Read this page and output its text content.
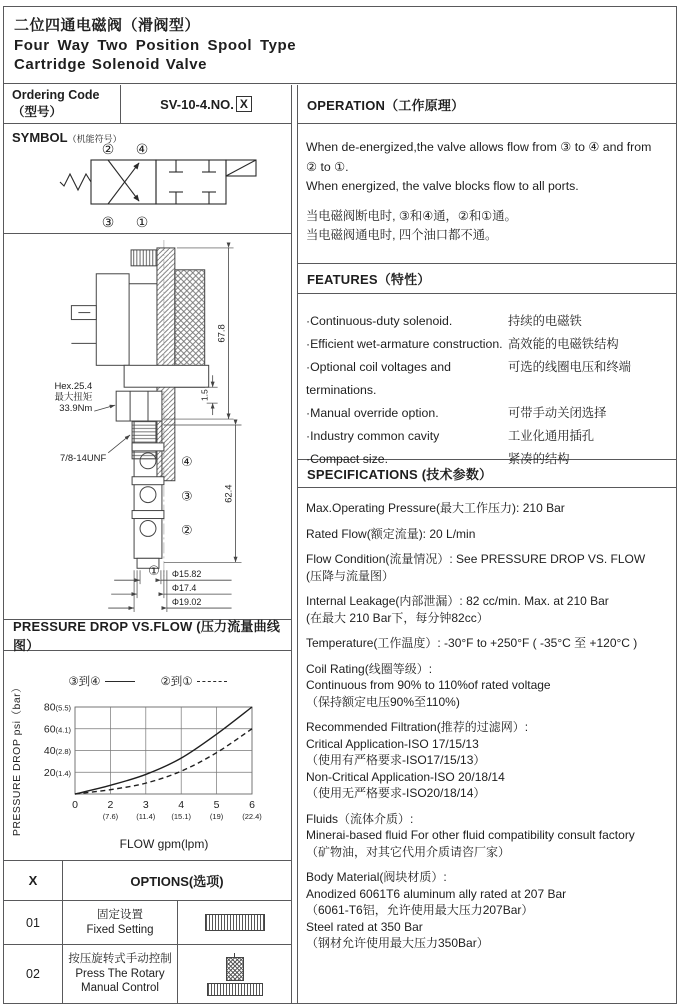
二位四通电磁阀（滑阀型）
Four Way Two Position Spool Type
Cartridge Solenoid Valve
Ordering Code（型号）
SV-10-4.NO. X
SYMBOL（机能符号）
② ④
③ ①
Hex.25.4
最大扭矩
33.9Nm
7/8-14UNF
67.8
1.5
62.4
Φ15.82
Φ17.4
Φ19.02
④
③
②
①
PRESSURE DROP VS.FLOW (压力流量曲线图）
③到④	②到①
PRESSURE DROP psi（bar）
FLOW gpm(lpm)
0	2
(7.6)
3
(11.4)
4
(15.1)
5
(19)
6
(22.4)
20(1.4)
40(2.8)
60(4.1)
80(5.5)
X	OPTIONS(选项)
01
固定设置
Fixed Setting
02
按压旋转式手动控制
Press The Rotary
Manual Control
OPERATION（工作原理）
When de-energized,the valve allows flow from ③ to ④ and from
② to ①.
When energized, the valve blocks flow to all ports.
当电磁阀断电时, ③和④通，②和①通。
当电磁阀通电时, 四个油口都不通。
FEATURES（特性）
·Continuous-duty solenoid.	持续的电磁铁
·Efficient wet-armature construction. 高效能的电磁铁结构
·Optional coil voltages and terminations.
可选的线圈电压和终端
·Manual override option.	可带手动关闭选择
·Industry common cavity	工业化通用插孔
·Compact size.	紧凑的结构
SPECIFICATIONS (技术参数）
Max.Operating Pressure(最大工作压力): 210 Bar
Rated Flow(额定流量): 20 L/min
Flow Condition(流量情况）: See PRESSURE DROP VS. FLOW
(压降与流量图）
Internal Leakage(内部泄漏）: 82 cc/min. Max. at 210 Bar
(在最大 210 Bar下，每分钟82cc）
Temperature(工作温度）: -30°F to +250°F ( -35°C 至 +120°C )
Coil Rating(线圈等级）:
Continuous from 90% to 110%of rated voltage
（保持额定电压90%至110%)
Recommended Filtration(推荐的过滤网）:
Critical Application-ISO 17/15/13
（使用有严格要求-ISO17/15/13）
Non-Critical Application-ISO 20/18/14
（使用无严格要求-ISO20/18/14）
Fluids（流体介质）:
Minerai-based fluid For other fluid compatibility consult factory
（矿物油，对其它代用介质请咨厂家）
Body Material(阀块材质）:
Anodized 6061T6 aluminum ally rated at 207 Bar
（6061-T6铝，允许使用最大压力207Bar）
Steel rated at 350 Bar
（钢材允许使用最大压力350Bar）
